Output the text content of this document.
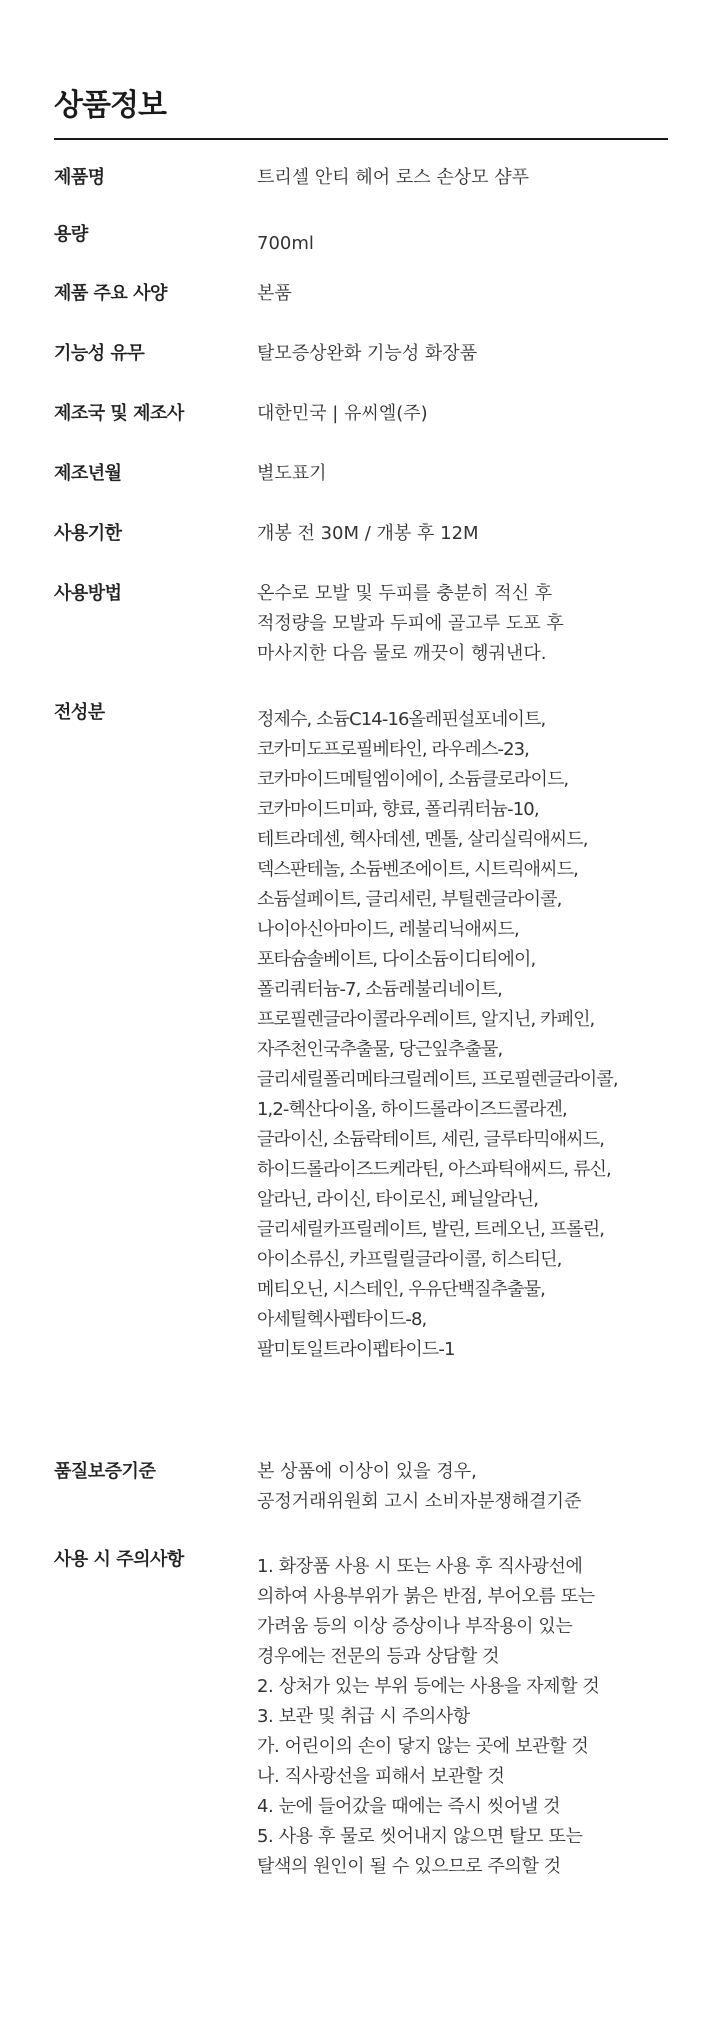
상품정보
제품명	트리셀 안티 헤어 로스 손상모 샴푸
용량	700ml
제품 주요 사양	본품
기능성 유무	탈모증상완화 기능성 화장품
제조국 및 제조사	대한민국 | 유씨엘(주)
제조년월	별도표기
사용기한	개봉 전 30M / 개봉 후 12M
사용방법	온수로 모발 및 두피를 충분히 적신 후
적정량을 모발과 두피에 골고루 도포 후
마사지한 다음 물로 깨끗이 헹궈낸다.
전성분	정제수, 소듐C14-16올레핀설포네이트,
코카미도프로필베타인, 라우레스-23,
코카마이드메틸엠이에이, 소듐클로라이드,
코카마이드미파, 향료, 폴리쿼터늄-10,
테트라데센, 헥사데센, 멘톨, 살리실릭애씨드,
덱스판테놀, 소듐벤조에이트, 시트릭애씨드,
소듐설페이트, 글리세린, 부틸렌글라이콜,
나이아신아마이드, 레불리닉애씨드,
포타슘솔베이트, 다이소듐이디티에이,
폴리쿼터늄-7, 소듐레불리네이트,
프로필렌글라이콜라우레이트, 알지닌, 카페인,
자주천인국추출물, 당근잎추출물,
글리세릴폴리메타크릴레이트, 프로필렌글라이콜,
1,2-헥산다이올, 하이드롤라이즈드콜라겐,
글라이신, 소듐락테이트, 세린, 글루타믹애씨드,
하이드롤라이즈드케라틴, 아스파틱애씨드, 류신,
알라닌, 라이신, 타이로신, 페닐알라닌,
글리세릴카프릴레이트, 발린, 트레오닌, 프롤린,
아이소류신, 카프릴릴글라이콜, 히스티딘,
메티오닌, 시스테인, 우유단백질추출물,
아세틸헥사펩타이드-8,
팔미토일트라이펩타이드-1
품질보증기준	본 상품에 이상이 있을 경우,
공정거래위원회 고시 소비자분쟁해결기준
사용 시 주의사항	1. 화장품 사용 시 또는 사용 후 직사광선에
의하여 사용부위가 붉은 반점, 부어오름 또는
가려움 등의 이상 증상이나 부작용이 있는
경우에는 전문의 등과 상담할 것
2. 상처가 있는 부위 등에는 사용을 자제할 것
3. 보관 및 취급 시 주의사항
가. 어린이의 손이 닿지 않는 곳에 보관할 것
나. 직사광선을 피해서 보관할 것
4. 눈에 들어갔을 때에는 즉시 씻어낼 것
5. 사용 후 물로 씻어내지 않으면 탈모 또는
탈색의 원인이 될 수 있으므로 주의할 것
